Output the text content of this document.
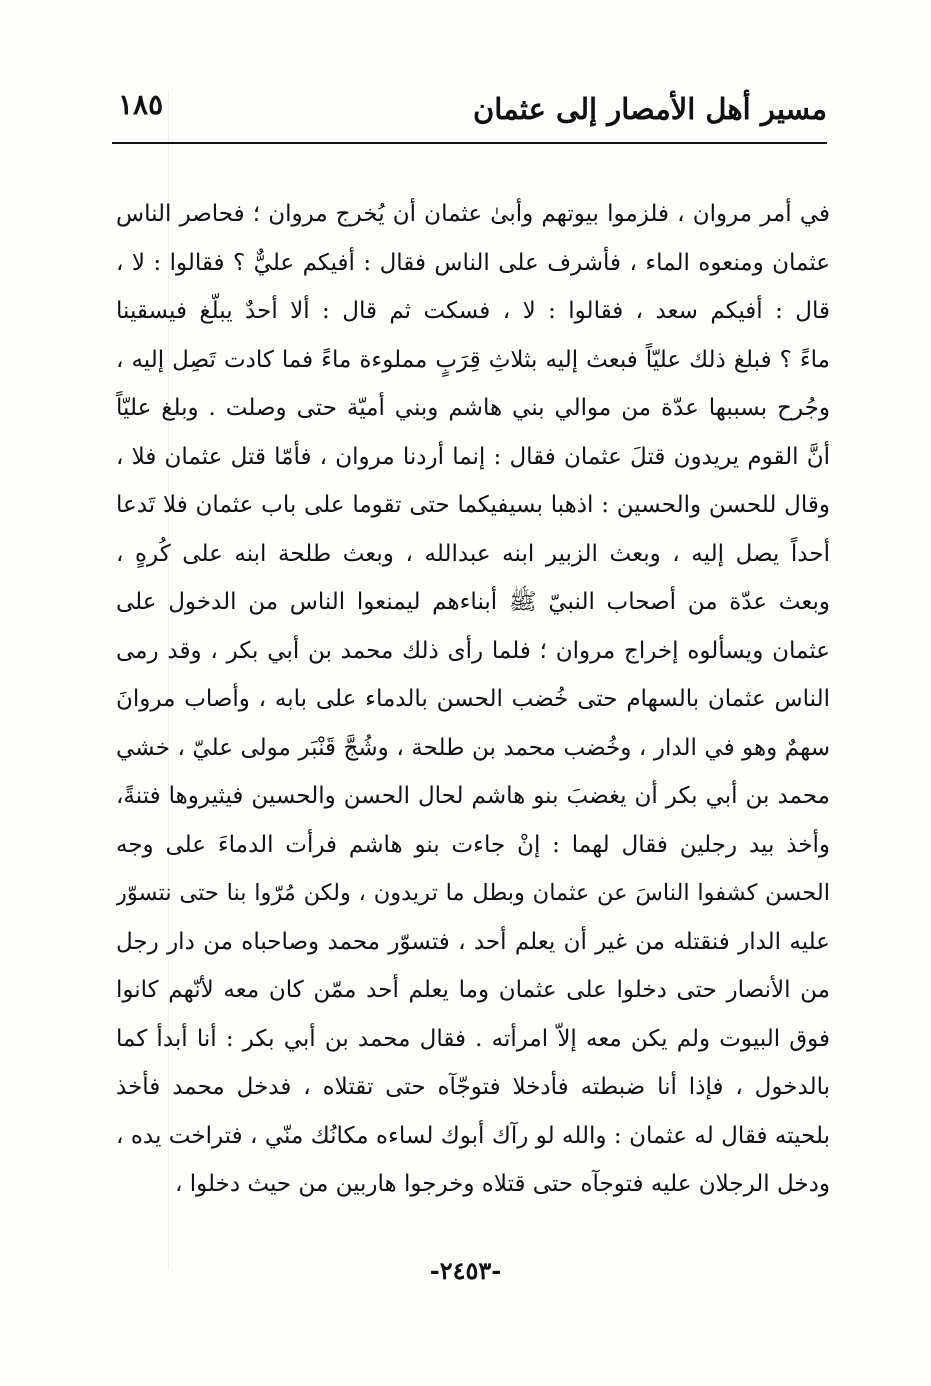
مسير أهل الأمصار إلى عثمان
١٨٥
في أمر مروان ، فلزموا بيوتهم وأبىٰ عثمان أن يُخرج مروان ؛ فحاصر الناس
عثمان ومنعوه الماء ، فأشرف على الناس فقال : أفيكم عليٌّ ؟ فقالوا : لا ،
قال : أفيكم سعد ، فقالوا : لا ، فسكت ثم قال : ألا أحدٌ يبلّغ فيسقينا
ماءً ؟ فبلغ ذلك عليّاً فبعث إليه بثلاثِ قِرَبٍ مملوءة ماءً فما كادت تَصِل إليه ،
وجُرح بسببها عدّة من موالي بني هاشم وبني أميّة حتى وصلت . وبلغ عليّاً
أنَّ القوم يريدون قتلَ عثمان فقال : إنما أردنا مروان ، فأمّا قتل عثمان فلا ،
وقال للحسن والحسين : اذهبا بسيفيكما حتى تقوما على باب عثمان فلا تَدعا
أحداً يصل إليه ، وبعث الزبير ابنه عبدالله ، وبعث طلحة ابنه على كُرهٍ ،
وبعث عدّة من أصحاب النبيّ ﷺ أبناءهم ليمنعوا الناس من الدخول على
عثمان ويسألوه إخراج مروان ؛ فلما رأى ذلك محمد بن أبي بكر ، وقد رمى
الناس عثمان بالسهام حتى خُضب الحسن بالدماء على بابه ، وأصاب مروانَ
سهمٌ وهو في الدار ، وخُضب محمد بن طلحة ، وشُجَّ قَنْبَر مولى عليّ ، خشي
محمد بن أبي بكر أن يغضبَ بنو هاشم لحال الحسن والحسين فيثيروها فتنةً،
وأخذ بيد رجلين فقال لهما : إنْ جاءت بنو هاشم فرأت الدماءَ على وجه
الحسن كشفوا الناسَ عن عثمان وبطل ما تريدون ، ولكن مُرّوا بنا حتى نتسوّر
عليه الدار فنقتله من غير أن يعلم أحد ، فتسوّر محمد وصاحباه من دار رجل
من الأنصار حتى دخلوا على عثمان وما يعلم أحد ممّن كان معه لأنّهم كانوا
فوق البيوت ولم يكن معه إلاّ امرأته . فقال محمد بن أبي بكر : أنا أبدأ كما
بالدخول ، فإذا أنا ضبطته فأدخلا فتوجّآه حتى تقتلاه ، فدخل محمد فأخذ
بلحيته فقال له عثمان : والله لو رآك أبوك لساءه مكانُك منّي ، فتراخت يده ،
ودخل الرجلان عليه فتوجآه حتى قتلاه وخرجوا هاربين من حيث دخلوا ،
-٢٤٥٣-
